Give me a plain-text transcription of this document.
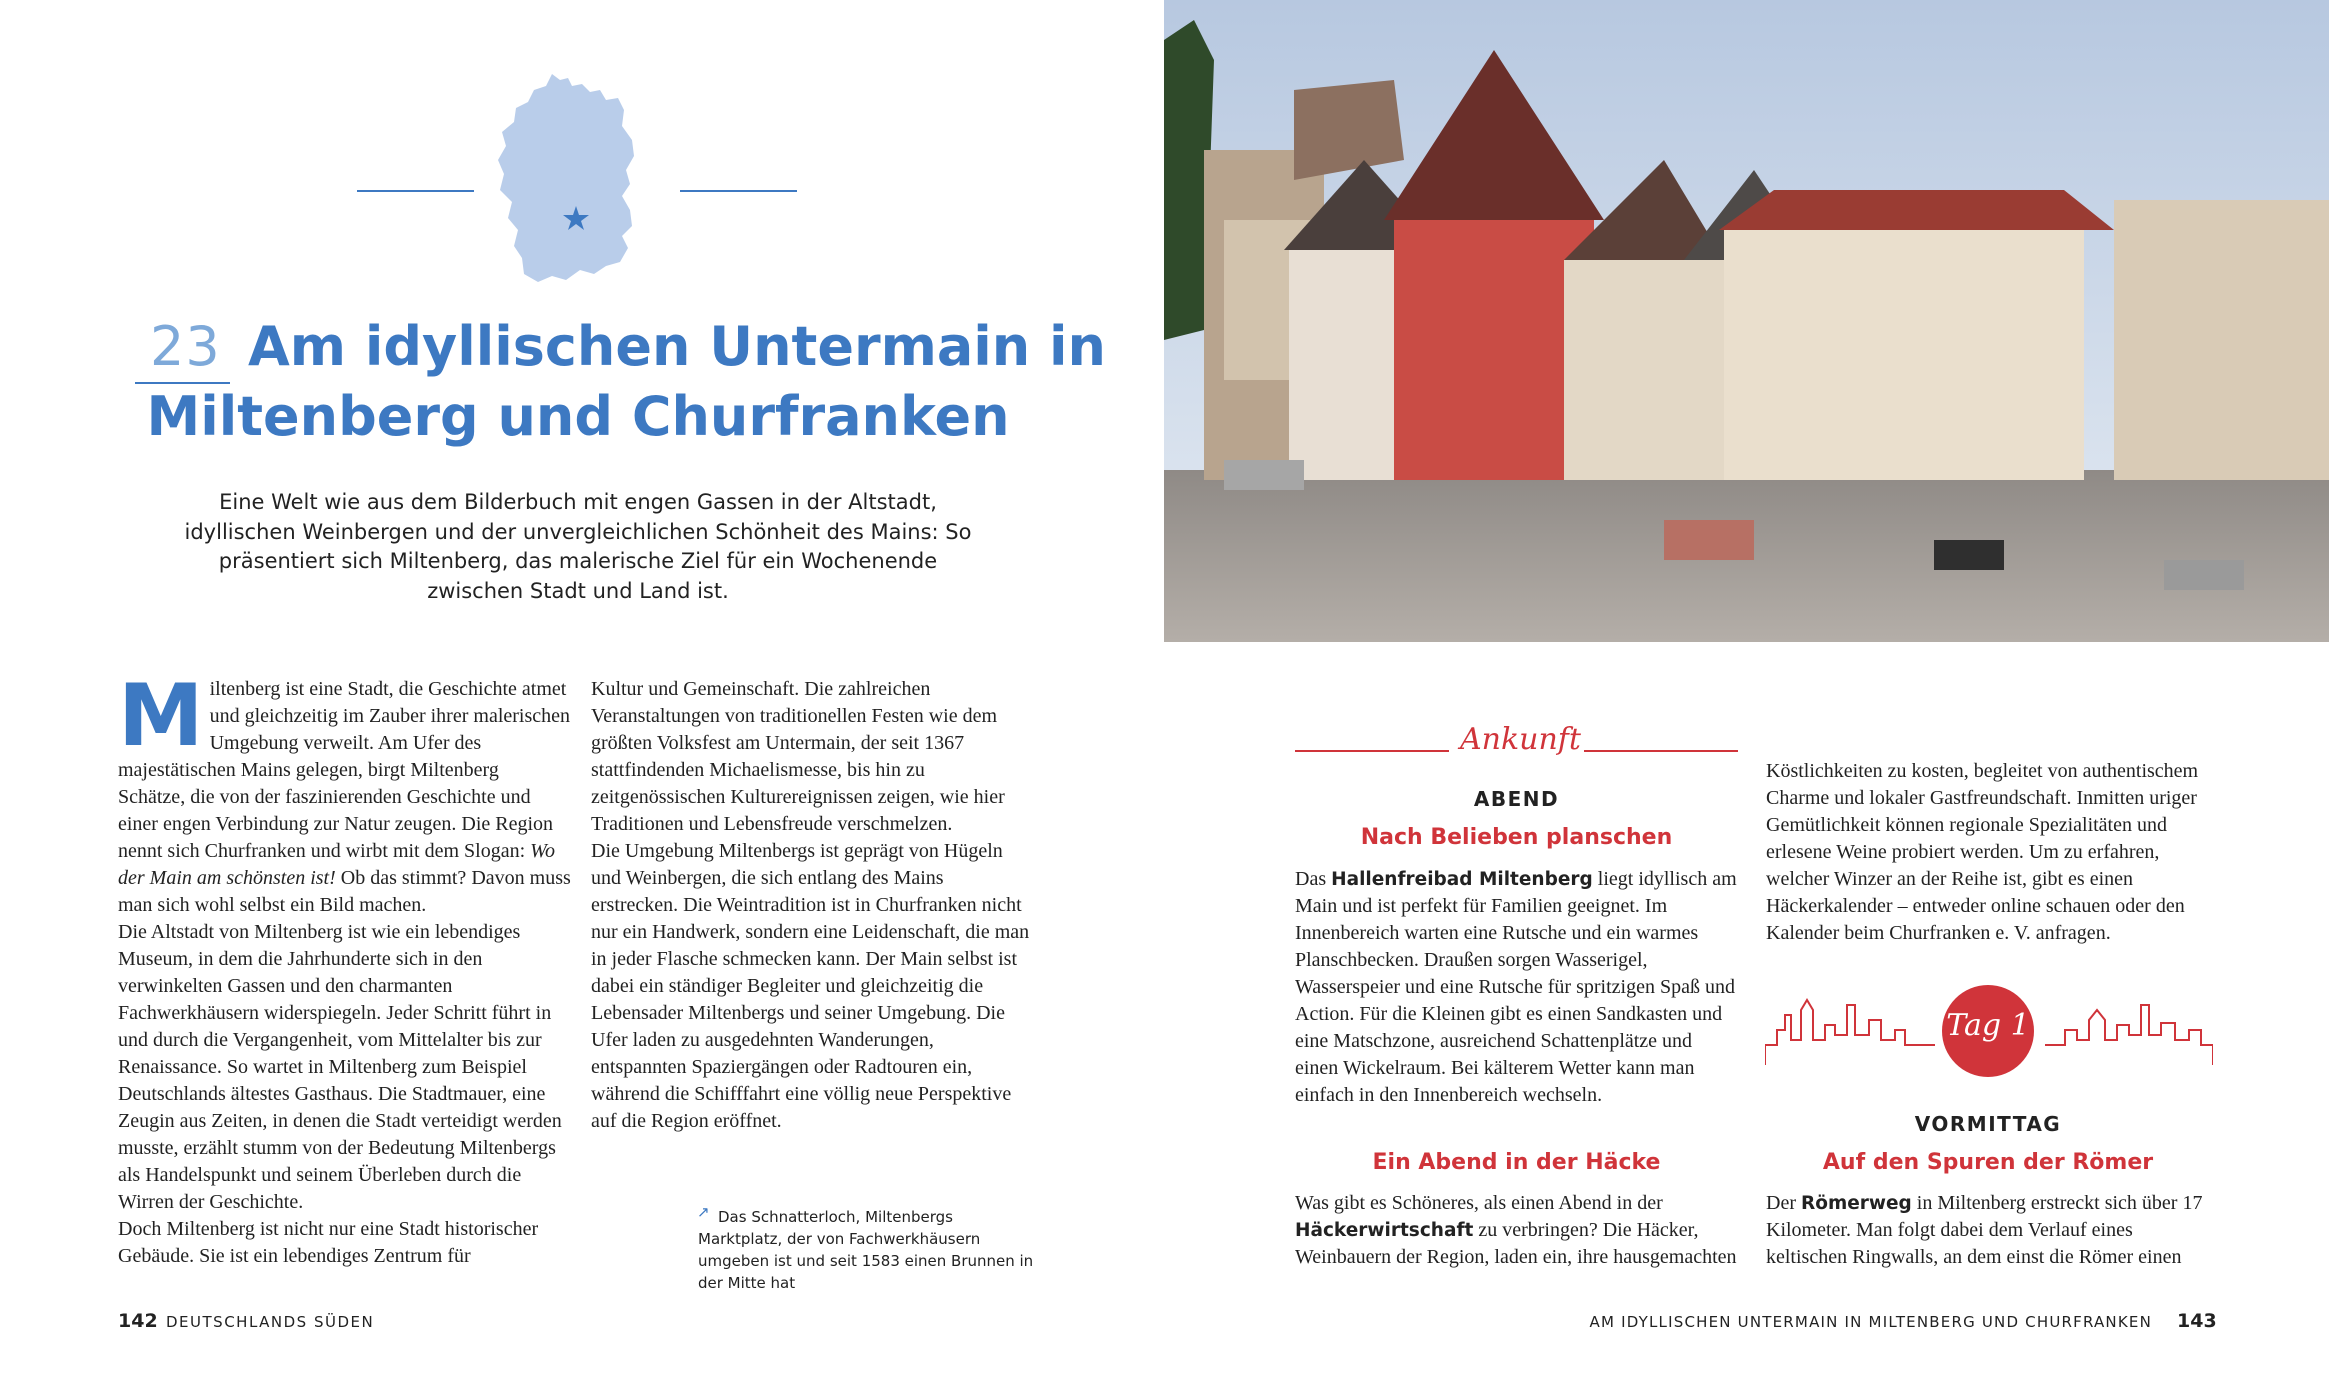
23 Am idyllischen Untermain in
Miltenberg und Churfranken
Eine Welt wie aus dem Bilderbuch mit engen Gassen in der Altstadt, idyllischen Weinbergen und der unvergleichlichen Schönheit des Mains: So präsentiert sich Miltenberg, das malerische Ziel für ein Wochenende zwischen Stadt und Land ist.
M iltenberg ist eine Stadt, die Geschichte atmet und gleichzeitig im Zauber ihrer malerischen Umgebung verweilt. Am Ufer des majestätischen Mains gelegen, birgt Miltenberg Schätze, die von der faszinierenden Geschichte und einer engen Verbindung zur Natur zeugen. Die Region nennt sich Churfranken und wirbt mit dem Slogan: Wo der Main am schönsten ist! Ob das stimmt? Davon muss man sich wohl selbst ein Bild machen.

Die Altstadt von Miltenberg ist wie ein lebendiges Museum, in dem die Jahrhunderte sich in den verwinkelten Gassen und den charmanten Fachwerkhäusern widerspiegeln. Jeder Schritt führt in und durch die Vergangenheit, vom Mittelalter bis zur Renaissance. So wartet in Miltenberg zum Beispiel Deutschlands ältestes Gasthaus. Die Stadtmauer, eine Zeugin aus Zeiten, in denen die Stadt verteidigt werden musste, erzählt stumm von der Bedeutung Miltenbergs als Handelspunkt und seinem Überleben durch die Wirren der Geschichte.

Doch Miltenberg ist nicht nur eine Stadt historischer Gebäude. Sie ist ein lebendiges Zentrum für

Kultur und Gemeinschaft. Die zahlreichen Veranstaltungen von traditionellen Festen wie dem größten Volksfest am Untermain, der seit 1367 stattfindenden Michaelismesse, bis hin zu zeitgenössischen Kulturereignissen zeigen, wie hier Traditionen und Lebensfreude verschmelzen.

Die Umgebung Miltenbergs ist geprägt von Hügeln und Weinbergen, die sich entlang des Mains erstrecken. Die Weintradition ist in Churfranken nicht nur ein Handwerk, sondern eine Leidenschaft, die man in jeder Flasche schmecken kann. Der Main selbst ist dabei ein ständiger Begleiter und gleichzeitig die Lebensader Miltenbergs und seiner Umgebung. Die Ufer laden zu ausgedehnten Wanderungen, entspannten Spaziergängen oder Radtouren ein, während die Schifffahrt eine völlig neue Perspektive auf die Region eröffnet.

↗ Das Schnatterloch, Miltenbergs Marktplatz, der von Fachwerkhäusern umgeben ist und seit 1583 einen Brunnen in der Mitte hat
142 DEUTSCHLANDS SÜDEN
Ankunft
ABEND
Nach Belieben planschen
Das Hallenfreibad Miltenberg liegt idyllisch am Main und ist perfekt für Familien geeignet. Im Innenbereich warten eine Rutsche und ein warmes Planschbecken. Draußen sorgen Wasserigel, Wasserspeier und eine Rutsche für spritzigen Spaß und Action. Für die Kleinen gibt es einen Sandkasten und eine Matschzone, ausreichend Schattenplätze und einen Wickelraum. Bei kälterem Wetter kann man einfach in den Innenbereich wechseln.
Ein Abend in der Häcke
Was gibt es Schöneres, als einen Abend in der Häckerwirtschaft zu verbringen? Die Häcker, Weinbauern der Region, laden ein, ihre hausgemachten
Köstlichkeiten zu kosten, begleitet von authentischem Charme und lokaler Gastfreundschaft. Inmitten uriger Gemütlichkeit können regionale Spezialitäten und erlesene Weine probiert werden. Um zu erfahren, welcher Winzer an der Reihe ist, gibt es einen Häckerkalender – entweder online schauen oder den Kalender beim Churfranken e. V. anfragen.
Tag 1
VORMITTAG
Auf den Spuren der Römer
Der Römerweg in Miltenberg erstreckt sich über 17 Kilometer. Man folgt dabei dem Verlauf eines keltischen Ringwalls, an dem einst die Römer einen
AM IDYLLISCHEN UNTERMAIN IN MILTENBERG UND CHURFRANKEN 143
